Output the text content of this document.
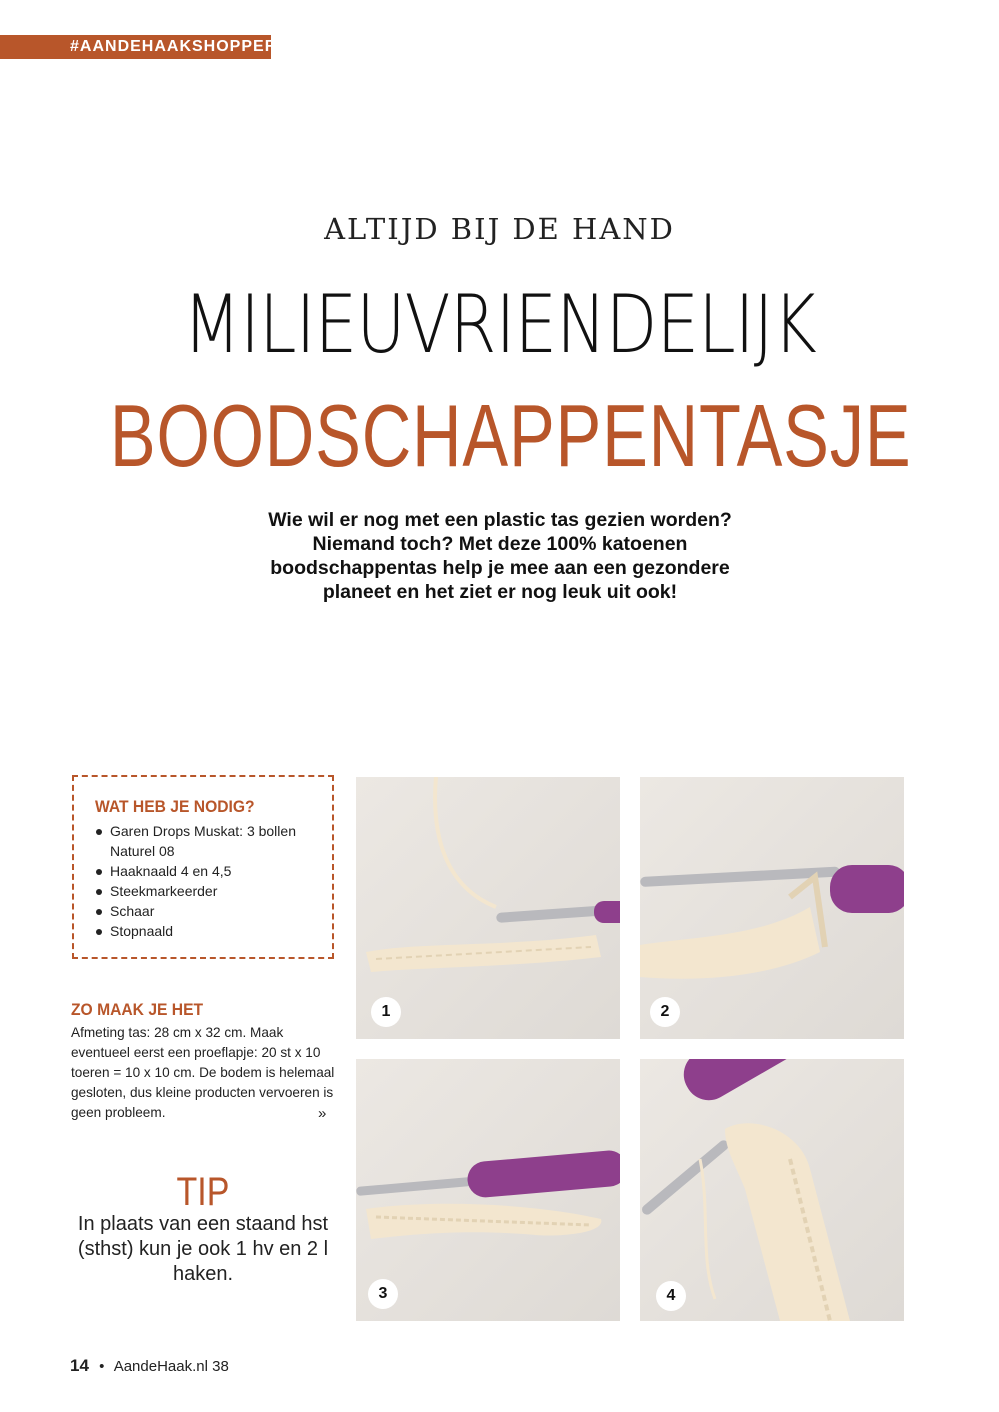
#AANDEHAAKSHOPPER
ALTIJD BIJ DE HAND
MILIEUVRIENDELIJK
BOODSCHAPPENTASJE
Wie wil er nog met een plastic tas gezien worden?
Niemand toch? Met deze 100% katoenen
boodschappentas help je mee aan een gezondere
planeet en het ziet er nog leuk uit ook!
WAT HEB JE NODIG?
Garen Drops Muskat: 3 bollen Naturel 08
Haaknaald 4 en 4,5
Steekmarkeerder
Schaar
Stopnaald
ZO MAAK JE HET

Afmeting tas: 28 cm x 32 cm. Maak eventueel eerst een proeflapje: 20 st x 10 toeren = 10 x 10 cm. De bodem is helemaal gesloten, dus kleine producten vervoeren is geen probleem.	»
TIP
In plaats van een staand hst (sthst) kun je ook 1 hv en 2 l haken.
1	2
3	4
14 • AandeHaak.nl 38
